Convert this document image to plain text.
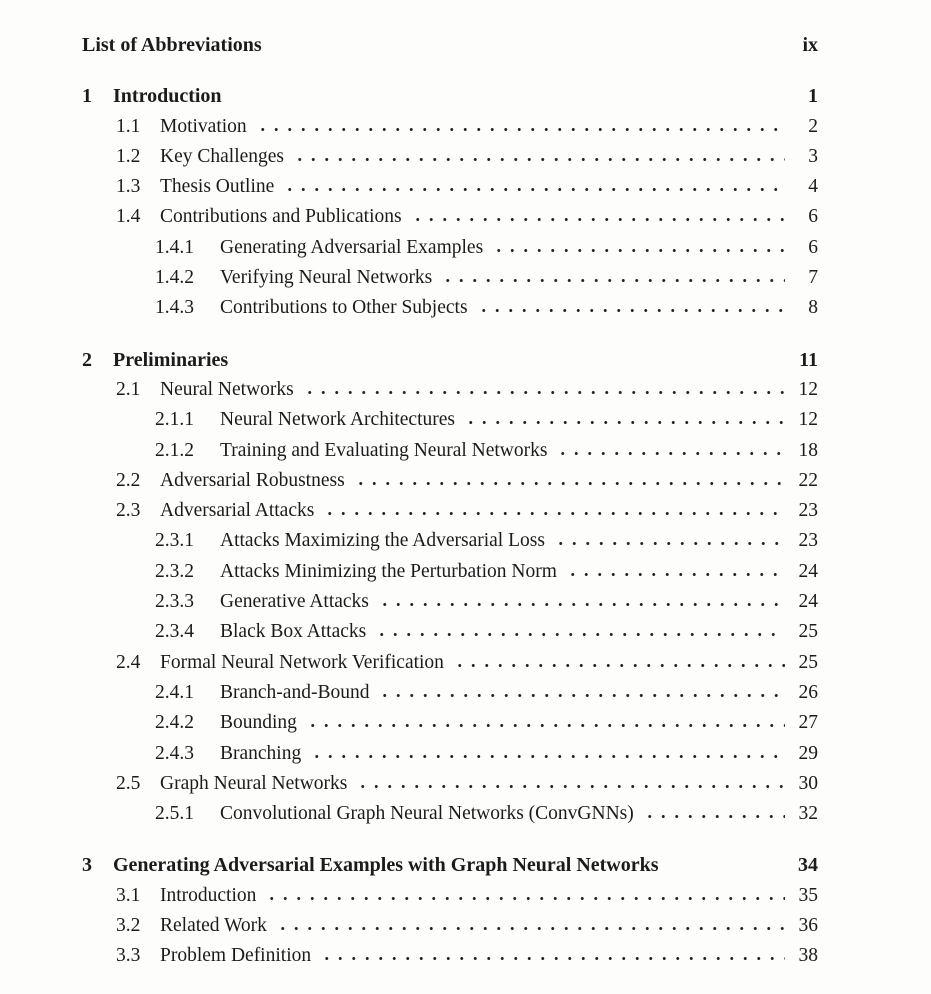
List of Abbreviations	ix
1	Introduction	1
1.1	Motivation	2
1.2	Key Challenges	3
1.3	Thesis Outline	4
1.4	Contributions and Publications	6
1.4.1	Generating Adversarial Examples	6
1.4.2	Verifying Neural Networks	7
1.4.3	Contributions to Other Subjects	8
2	Preliminaries	11
2.1	Neural Networks	12
2.1.1	Neural Network Architectures	12
2.1.2	Training and Evaluating Neural Networks	18
2.2	Adversarial Robustness	22
2.3	Adversarial Attacks	23
2.3.1	Attacks Maximizing the Adversarial Loss	23
2.3.2	Attacks Minimizing the Perturbation Norm	24
2.3.3	Generative Attacks	24
2.3.4	Black Box Attacks	25
2.4	Formal Neural Network Verification	25
2.4.1	Branch-and-Bound	26
2.4.2	Bounding	27
2.4.3	Branching	29
2.5	Graph Neural Networks	30
2.5.1	Convolutional Graph Neural Networks (ConvGNNs)	32
3	Generating Adversarial Examples with Graph Neural Networks	34
3.1	Introduction	35
3.2	Related Work	36
3.3	Problem Definition	38
